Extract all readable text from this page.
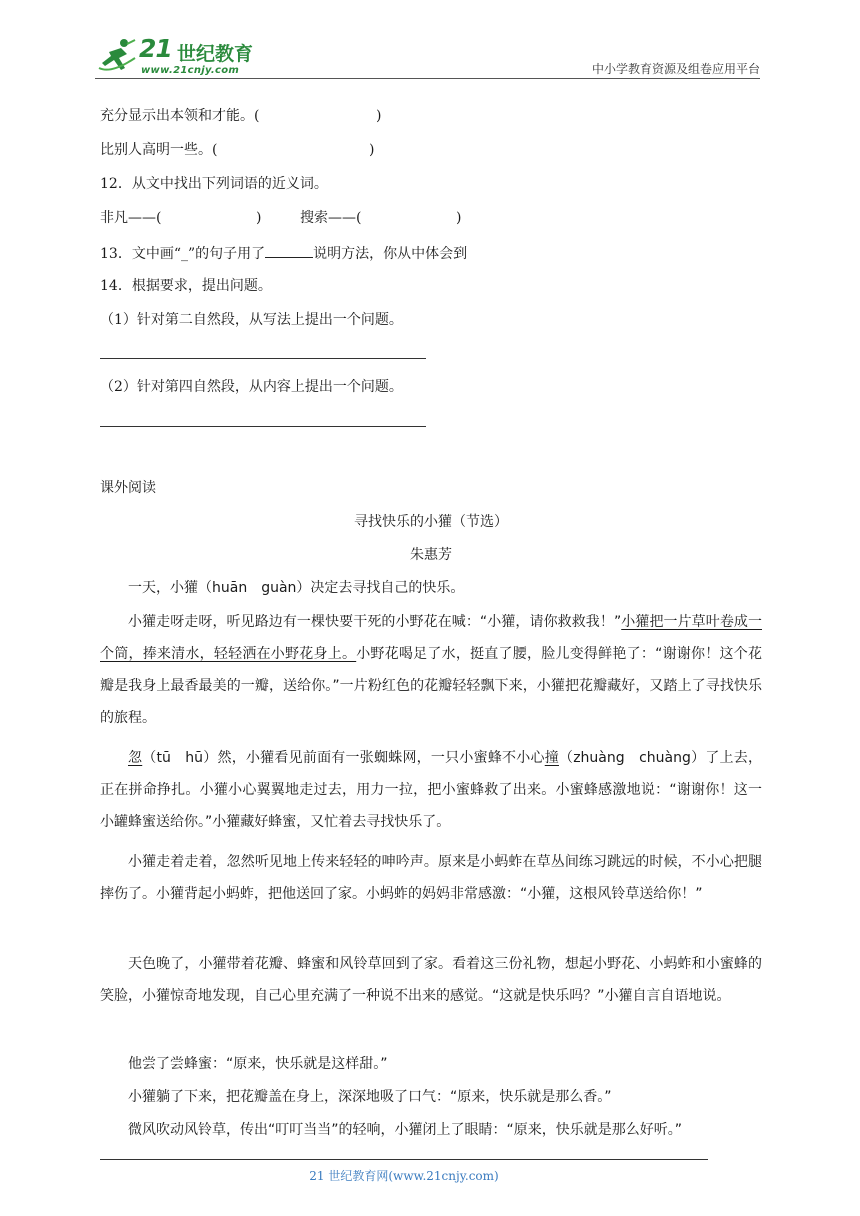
21 世纪教育
www.21cnjy.com	中小学教育资源及组卷应用平台
充分显示出本领和才能。(	)
比别人高明一些。(	)
12．从文中找出下列词语的近义词。
非凡——(	)	搜索——(	)
13．文中画“_”的句子用了	说明方法，你从中体会到
14．根据要求，提出问题。
（1）针对第二自然段，从写法上提出一个问题。
（2）针对第四自然段，从内容上提出一个问题。
课外阅读
寻找快乐的小獾（节选）
朱惠芳
一天，小獾（huān　guàn）决定去寻找自己的快乐。
小獾走呀走呀，听见路边有一棵快要干死的小野花在喊：“小獾，请你救救我！”小獾把一片草叶卷成一个筒，捧来清水，轻轻洒在小野花身上。小野花喝足了水，挺直了腰，脸儿变得鲜艳了：“谢谢你！这个花瓣是我身上最香最美的一瓣，送给你。”一片粉红色的花瓣轻轻飘下来，小獾把花瓣藏好，又踏上了寻找快乐的旅程。
忽（tū　hū）然，小獾看见前面有一张蜘蛛网，一只小蜜蜂不小心撞（zhuàng　chuàng）了上去，正在拼命挣扎。小獾小心翼翼地走过去，用力一拉，把小蜜蜂救了出来。小蜜蜂感激地说：“谢谢你！这一小罐蜂蜜送给你。”小獾藏好蜂蜜，又忙着去寻找快乐了。
小獾走着走着，忽然听见地上传来轻轻的呻吟声。原来是小蚂蚱在草丛间练习跳远的时候，不小心把腿摔伤了。小獾背起小蚂蚱，把他送回了家。小蚂蚱的妈妈非常感激：“小獾，这根风铃草送给你！”
天色晚了，小獾带着花瓣、蜂蜜和风铃草回到了家。看着这三份礼物，想起小野花、小蚂蚱和小蜜蜂的笑脸，小獾惊奇地发现，自己心里充满了一种说不出来的感觉。“这就是快乐吗？”小獾自言自语地说。
他尝了尝蜂蜜：“原来，快乐就是这样甜。”
小獾躺了下来，把花瓣盖在身上，深深地吸了口气：“原来，快乐就是那么香。”
微风吹动风铃草，传出“叮叮当当”的轻响，小獾闭上了眼睛：“原来，快乐就是那么好听。”
21 世纪教育网(www.21cnjy.com)
